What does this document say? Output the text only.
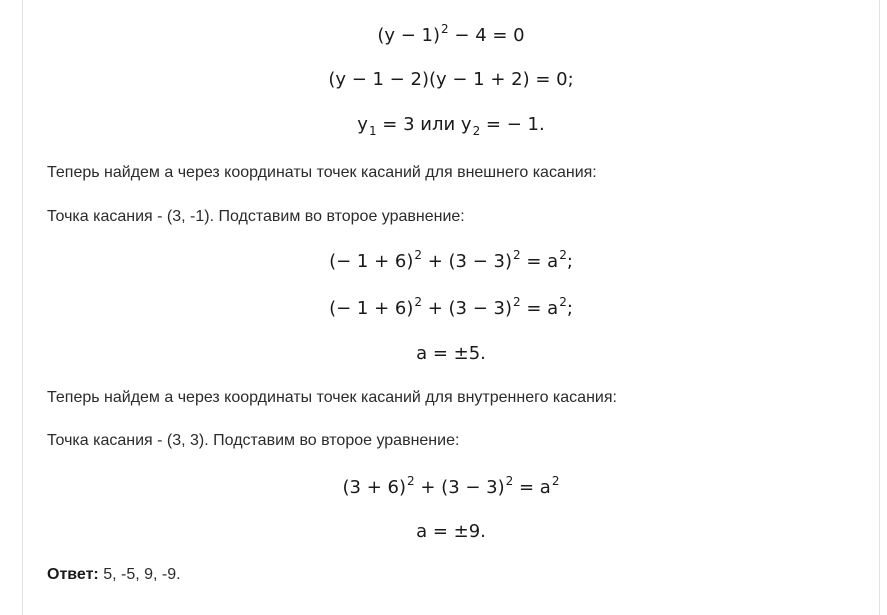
$(y - 1)^2 - 4 = 0$
(y − 1 − 2)(y − 1 + 2) = 0;
$y_1 = 3$ или $y_2$ = − 1.
Теперь найдем a через координаты точек касаний для внешнего касания:
Точка касания - (3, -1). Подставим во второе уравнение:
(− $1 + 6)^2 + (3 - 3)^2 = a^2$;
(− $1 + 6)^2 + (3 - 3)^2 = a^2$;
a = ±5.
Теперь найдем a через координаты точек касаний для внутреннего касания:
Точка касания - (3, 3). Подставим во второе уравнение:
$(3 + 6)^2 + (3 - 3)^2 = a^2$
a = ±9.
Ответ: 5, -5, 9, -9.
